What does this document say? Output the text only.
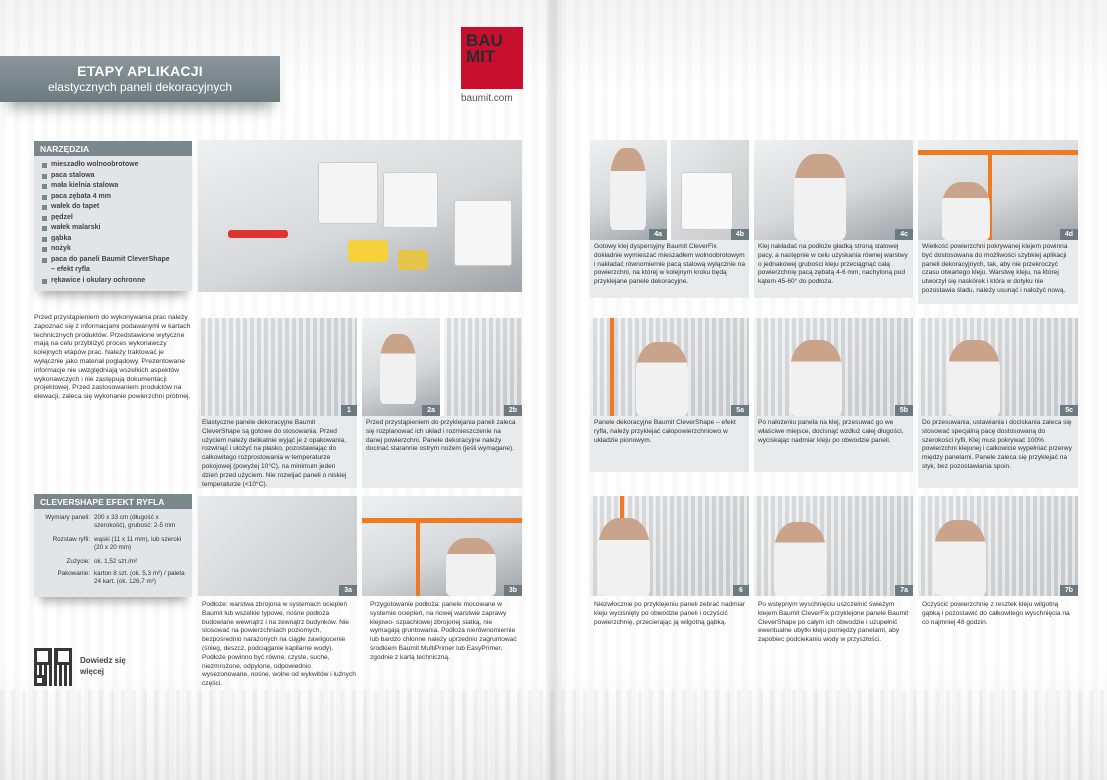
ETAPY APLIKACJI
elastycznych paneli dekoracyjnych
NARZĘDZIA
mieszadło wolnoobrotowe
paca stalowa
mała kielnia stalowa
paca zębata 4 mm
wałek do tapet
pędzel
wałek malarski
gąbka
nożyk
paca do paneli Baumit CleverShape
– efekt ryfla
rękawice i okulary ochronne
BAU
MIT
baumit.com
Przed przystąpieniem do wykonywania prac należy zapoznać się z informacjami podawanymi w kartach technicznych produktów. Przedstawione wytyczne mają na celu przybliżyć proces wykonawczy kolejnych etapów prac. Należy traktować je wyłącznie jako materiał poglądowy. Prezentowane informacje nie uwzględniają wszelkich aspektów wykonawczych i nie zastępują dokumentacji projektowej. Przed zastosowaniem produktów na elewacji, zaleca się wykonanie powierzchni próbnej.
1
Elastyczne panele dekoracyjne Baumit CleverShape są gotowe do stosowania. Przed użyciem należy delikatnie wyjąć je z opakowania, rozwinąć i ułożyć na płasko, pozostawiając do całkowitego rozprostowania w temperaturze pokojowej (powyżej 10°C), na minimum jeden dzień przed użyciem. Nie rozwijać paneli o niskiej temperaturze (<10°C).
2a	2b
Przed przystąpieniem do przyklejania paneli zaleca się rozplanować ich układ i rozmieszczenie na danej powierzchni. Panele dekoracyjne należy docinać starannie ostrym nożem (jeśli wymagane).
CLEVERSHAPE EFEKT RYFLA
Wymiary paneli: 200 x 33 cm (długość x szerokość), grubość: 2-5 mm
Rozstaw ryfli: wąski (11 x 11 mm), lub szeroki (20 x 20 mm)
Zużycie: ok. 1,52 szt./m²
Pakowanie: karton 8 szt. (ok. 5,3 m²) / paleta 24 kart. (ok. 126,7 m²)
3a
Podłoże: warstwa zbrojona w systemach ociepleń Baumit lub wszelkie typowe, nośne podłoża budowlane wewnątrz i na zewnątrz budynków. Nie stosować na powierzchniach poziomych, bezpośrednio narażonych na ciągłe zawilgocenie (śnieg, deszcz, podciąganie kapilarne wody). Podłoże powinno być równe, czyste, suche, niezmrożone, odpylone, odpowiednio wysezonowane, nośne, wolne od wykwitów i luźnych części.
3b
Przygotowanie podłoża: panele mocowane w systemie ociepleń, na nowej warstwie zaprawy klejowo- szpachlowej zbrojonej siatką, nie wymagają gruntowania. Podłoża nierównomiernie lub bardzo chłonne należy uprzednio zagruntować środkiem Baumit MultiPrimer lub EasyPrimer, zgodnie z kartą techniczną.
Dowiedz się więcej
4a	4b
Gotowy klej dyspersyjny Baumit CleverFix dokładnie wymieszać mieszadłem wolnoobrotowym i nakładać równomiernie pacą stalową wyłącznie na powierzchni, na której w kolejnym kroku będą przyklejane panele dekoracyjne.
4c
Klej nakładać na podłoże gładką stroną stalowej pacy, a następnie w celu uzyskania równej warstwy o jednakowej grubości kleju przeciągnąć całą powierzchnię pacą zębatą 4-6 mm, nachyloną pod kątem 45-60° do podłoża.
4d
Wielkość powierzchni pokrywanej klejem powinna być dostosowana do możliwości szybkiej aplikacji paneli dekoracyjnych, tak, aby nie przekroczyć czasu otwartego kleju. Warstwę kleju, na której utworzył się naskórek i która w dotyku nie pozostawia śladu, należy usunąć i nałożyć nową.
5a
Panele dekoracyjne Baumit CleverShape – efekt ryfla, należy przyklejać całopowierzchniowo w układzie pionowym.
5b
Po nałożeniu panela na klej, przesuwać go we właściwe miejsce, docisnąć wzdłuż całej długości, wyciskając nadmiar kleju po obwodzie paneli.
5c
Do przesuwania, ustawiania i dociskania zaleca się stosować specjalną pacę dostosowaną do szerokości ryfli. Klej musi pokrywać 100% powierzchni klejonej i całkowicie wypełniać przerwy między panelami. Panele zaleca się przyklejać na styk, bez pozostawiania spoin.
6
Niezwłocznie po przyklejeniu paneli zebrać nadmiar kleju wyciśnięty po obwodzie paneli i oczyścić powierzchnię, przecierając ją wilgotną gąbką.
7a
Po wstępnym wyschnięciu uszczelnić świeżym klejem Baumit CleverFix przyklejone panele Baumit CleverShape po całym ich obwodzie i uzupełnić ewentualne ubytki kleju pomiędzy panelami, aby zapobiec podciekaniu wody w przyszłości.
7b
Oczyścić powierzchnię z resztek kleju wilgotną gąbką i pozostawić do całkowitego wyschnięcia na co najmniej 48 godzin.
